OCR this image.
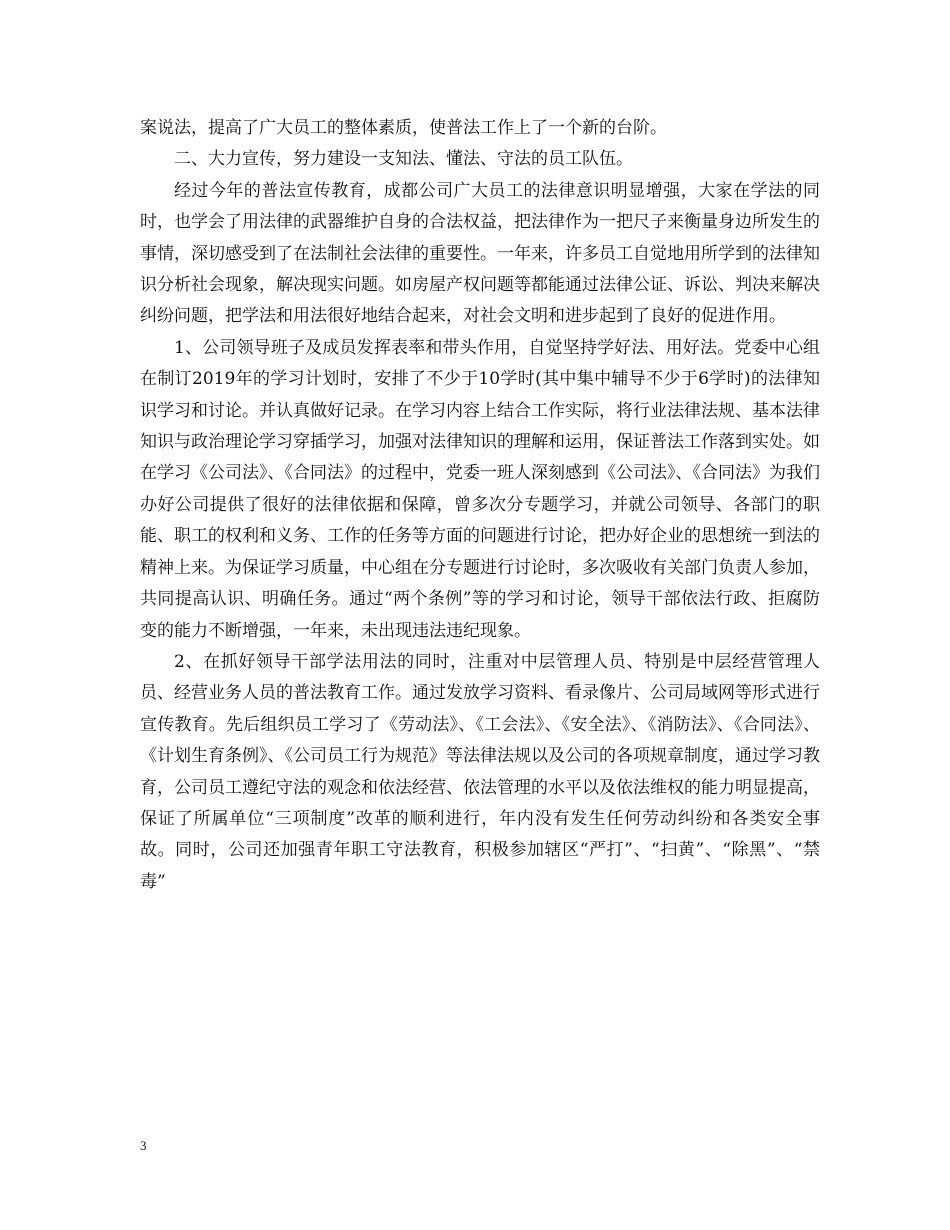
案说法，提高了广大员工的整体素质，使普法工作上了一个新的台阶。

二、大力宣传，努力建设一支知法、懂法、守法的员工队伍。

经过今年的普法宣传教育，成都公司广大员工的法律意识明显增强，大家在学法的同时，也学会了用法律的武器维护自身的合法权益，把法律作为一把尺子来衡量身边所发生的事情，深切感受到了在法制社会法律的重要性。一年来，许多员工自觉地用所学到的法律知识分析社会现象，解决现实问题。如房屋产权问题等都能通过法律公证、诉讼、判决来解决纠纷问题，把学法和用法很好地结合起来，对社会文明和进步起到了良好的促进作用。

1、公司领导班子及成员发挥表率和带头作用，自觉坚持学好法、用好法。党委中心组在制订2019年的学习计划时，安排了不少于10学时(其中集中辅导不少于6学时)的法律知识学习和讨论。并认真做好记录。在学习内容上结合工作实际，将行业法律法规、基本法律知识与政治理论学习穿插学习，加强对法律知识的理解和运用，保证普法工作落到实处。如在学习《公司法》、《合同法》的过程中，党委一班人深刻感到《公司法》、《合同法》为我们办好公司提供了很好的法律依据和保障，曾多次分专题学习，并就公司领导、各部门的职能、职工的权利和义务、工作的任务等方面的问题进行讨论，把办好企业的思想统一到法的精神上来。为保证学习质量，中心组在分专题进行讨论时，多次吸收有关部门负责人参加，共同提高认识、明确任务。通过“两个条例”等的学习和讨论，领导干部依法行政、拒腐防变的能力不断增强，一年来，未出现违法违纪现象。

2、在抓好领导干部学法用法的同时，注重对中层管理人员、特别是中层经营管理人员、经营业务人员的普法教育工作。通过发放学习资料、看录像片、公司局域网等形式进行宣传教育。先后组织员工学习了《劳动法》、《工会法》、《安全法》、《消防法》、《合同法》、《计划生育条例》、《公司员工行为规范》等法律法规以及公司的各项规章制度，通过学习教育，公司员工遵纪守法的观念和依法经营、依法管理的水平以及依法维权的能力明显提高，保证了所属单位“三项制度”改革的顺利进行，年内没有发生任何劳动纠纷和各类安全事故。同时，公司还加强青年职工守法教育，积极参加辖区“严打”、“扫黄”、“除黑”、“禁毒”

3
